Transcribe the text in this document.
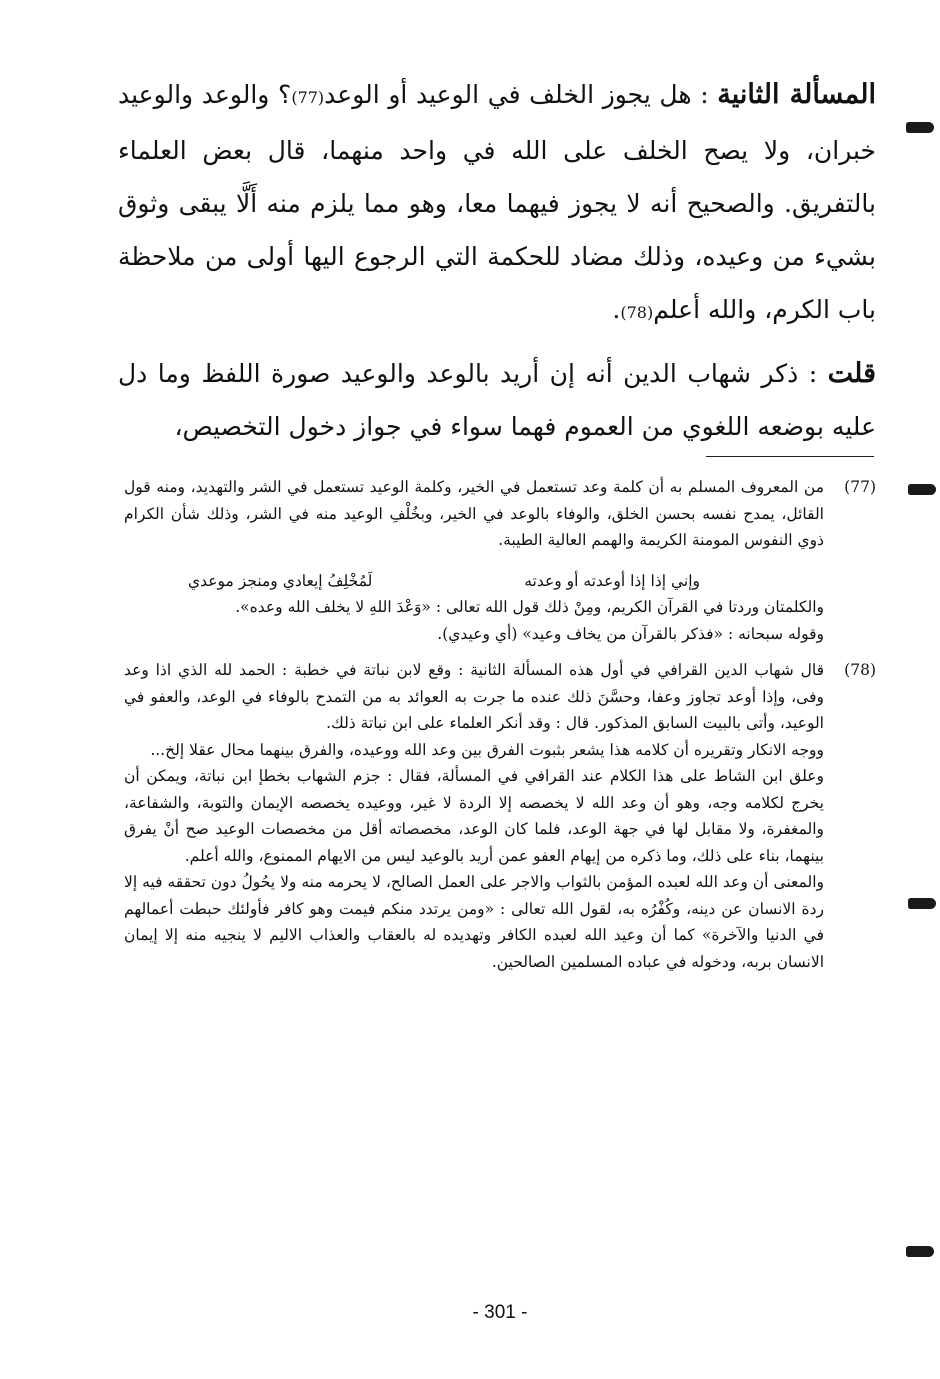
المسألة الثانية : هل يجوز الخلف في الوعيد أو الوعد(77)؟ والوعد والوعيد خبران، ولا يصح الخلف على الله في واحد منهما، قال بعض العلماء بالتفريق. والصحيح أنه لا يجوز فيهما معا، وهو مما يلزم منه أَلَّا يبقى وثوق بشيء من وعيده، وذلك مضاد للحكمة التي الرجوع اليها أولى من ملاحظة باب الكرم، والله أعلم(78).

قلت : ذكر شهاب الدين أنه إن أريد بالوعد والوعيد صورة اللفظ وما دل عليه بوضعه اللغوي من العموم فهما سواء في جواز دخول التخصيص،

(77)

من المعروف المسلم به أن كلمة وعد تستعمل في الخير، وكلمة الوعيد تستعمل في الشر والتهديد، ومنه قول القائل، يمدح نفسه بحسن الخلق، والوفاء بالوعد في الخير، وبخُلْفِ الوعيد منه في الشر، وذلك شأن الكرام ذوي النفوس المومنة الكريمة والهمم العالية الطيبة.

وإني إذا إذا أوعدته أو وعدته
لَمُخْلِفُ إيعادي ومنجز موعدي

والكلمتان وردتا في القرآن الكريم، ومِنْ ذلك قول الله تعالى : «وَعْدَ اللهِ لا يخلف الله وعده».

وقوله سبحانه : «فذكر بالقرآن من يخاف وعيد» (أي وعيدي).

(78)

قال شهاب الدين القرافي في أول هذه المسألة الثانية : وقع لابن نباتة في خطبة : الحمد لله الذي اذا وعد وفى، وإذا أوعد تجاوز وعفا، وحسَّنَ ذلك عنده ما جرت به العوائد به من التمدح بالوفاء في الوعد، والعفو في الوعيد، وأتى بالبيت السابق المذكور. قال : وقد أنكر العلماء على ابن نباتة ذلك.

ووجه الانكار وتقريره أن كلامه هذا يشعر بثبوت الفرق بين وعد الله ووعيده، والفرق بينهما محال عقلا إلخ...

وعلق ابن الشاط على هذا الكلام عند القرافي في المسألة، فقال : جزم الشهاب بخطإ ابن نباتة، ويمكن أن يخرج لكلامه وجه، وهو أن وعد الله لا يخصصه إلا الردة لا غير، ووعيده يخصصه الإيمان والتوبة، والشفاعة، والمغفرة، ولا مقابل لها في جهة الوعد، فلما كان الوعد، مخصصاته أقل من مخصصات الوعيد صح أنْ يفرق بينهما، بناء على ذلك، وما ذكره من إيهام العفو عمن أريد بالوعيد ليس من الايهام الممنوع، والله أعلم.

والمعنى أن وعد الله لعبده المؤمن بالثواب والاجر على العمل الصالح، لا يحرمه منه ولا يحُولُ دون تحققه فيه إلا ردة الانسان عن دينه، وكُفْرُه به، لقول الله تعالى : «ومن يرتدد منكم فيمت وهو كافر فأولئك حبطت أعمالهم في الدنيا والآخرة» كما أن وعيد الله لعبده الكافر وتهديده له بالعقاب والعذاب الاليم لا ينجيه منه إلا إيمان الانسان بربه، ودخوله في عباده المسلمين الصالحين.

- 301 -
